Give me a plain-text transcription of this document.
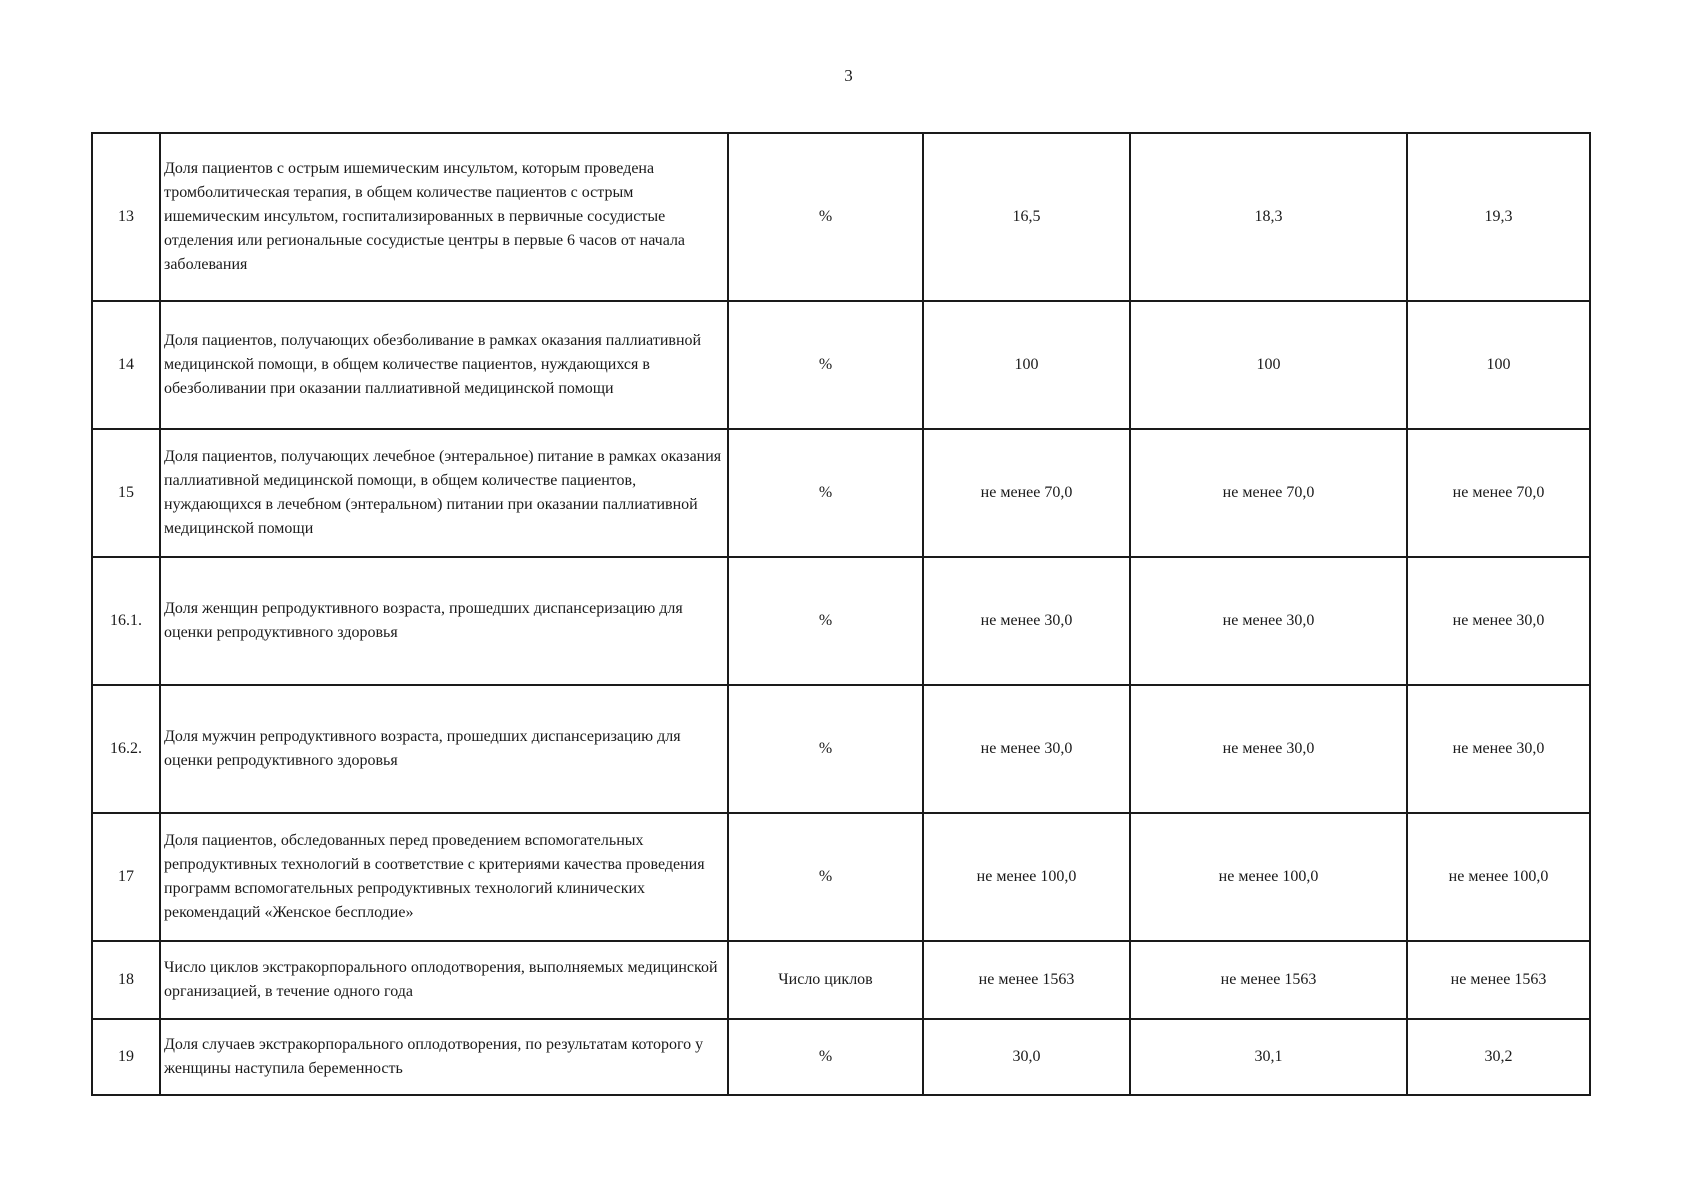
3
13	Доля пациентов с острым ишемическим инсультом, которым проведена тромболитическая терапия, в общем количестве пациентов с острым ишемическим инсультом, госпитализированных в первичные сосудистые отделения или региональные сосудистые центры в первые 6 часов от начала заболевания	%	16,5	18,3	19,3
14	Доля пациентов, получающих обезболивание в рамках оказания паллиативной медицинской помощи, в общем количестве пациентов, нуждающихся в обезболивании при оказании паллиативной медицинской помощи	%	100	100	100
15	Доля пациентов, получающих лечебное (энтеральное) питание в рамках оказания паллиативной медицинской помощи, в общем количестве пациентов, нуждающихся в лечебном (энтеральном) питании при оказании паллиативной медицинской помощи	%	не менее 70,0	не менее 70,0	не менее 70,0
16.1.	Доля женщин репродуктивного возраста, прошедших диспансеризацию для оценки репродуктивного здоровья	%	не менее 30,0	не менее 30,0	не менее 30,0
16.2.	Доля мужчин репродуктивного возраста, прошедших диспансеризацию для оценки репродуктивного здоровья	%	не менее 30,0	не менее 30,0	не менее 30,0
17	Доля пациентов, обследованных перед проведением вспомогательных репродуктивных технологий в соответствие с критериями качества проведения программ вспомогательных репродуктивных технологий клинических рекомендаций «Женское бесплодие»	%	не менее 100,0	не менее 100,0	не менее 100,0
18	Число циклов экстракорпорального оплодотворения, выполняемых медицинской организацией, в течение одного года	Число циклов	не менее 1563	не менее 1563	не менее 1563
19	Доля случаев экстракорпорального оплодотворения, по результатам которого у женщины наступила беременность	%	30,0	30,1	30,2
